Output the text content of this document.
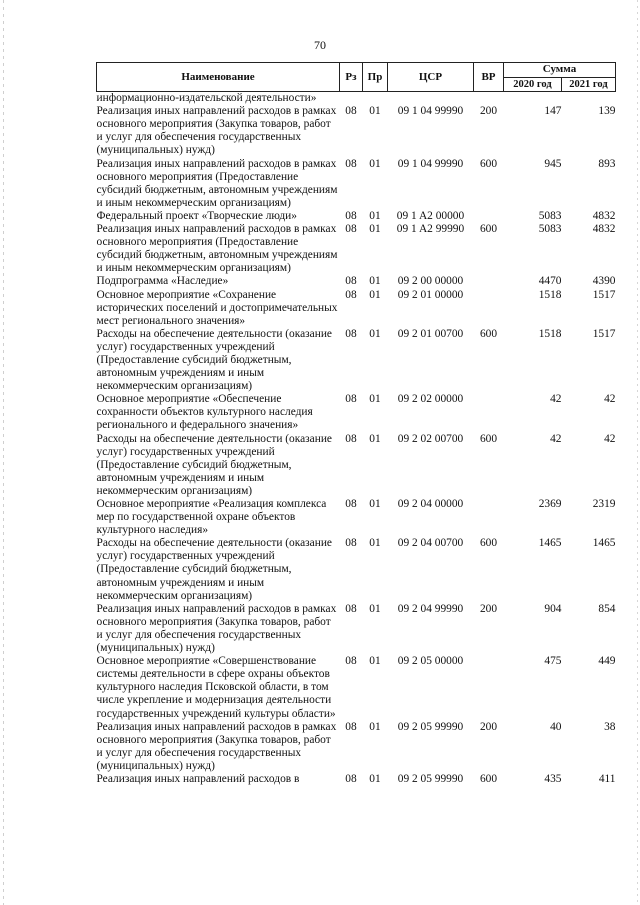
70
Наименование	Рз	Пр	ЦСР	ВР	Сумма	
					2020 год	2021 год
информационно-издательской деятельности»						
Реализация иных направлений расходов в рамках основного мероприятия (Закупка товаров, работ и услуг для обеспечения государственных (муниципальных) нужд)	08	01	09 1 04 99990	200	147	139
Реализация иных направлений расходов в рамках основного мероприятия (Предоставление субсидий бюджетным, автономным учреждениям и иным некоммерческим организациям)	08	01	09 1 04 99990	600	945	893
Федеральный проект «Творческие люди»	08	01	09 1 A2 00000		5083	4832
Реализация иных направлений расходов в рамках основного мероприятия (Предоставление субсидий бюджетным, автономным учреждениям и иным некоммерческим организациям)	08	01	09 1 A2 99990	600	5083	4832
Подпрограмма «Наследие»	08	01	09 2 00 00000		4470	4390
Основное мероприятие «Сохранение исторических поселений и достопримечательных мест регионального значения»	08	01	09 2 01 00000		1518	1517
Расходы на обеспечение деятельности (оказание услуг) государственных учреждений (Предоставление субсидий бюджетным, автономным учреждениям и иным некоммерческим организациям)	08	01	09 2 01 00700	600	1518	1517
Основное мероприятие «Обеспечение сохранности объектов культурного наследия регионального и федерального значения»	08	01	09 2 02 00000		42	42
Расходы на обеспечение деятельности (оказание услуг) государственных учреждений (Предоставление субсидий бюджетным, автономным учреждениям и иным некоммерческим организациям)	08	01	09 2 02 00700	600	42	42
Основное мероприятие «Реализация комплекса мер по государственной охране объектов культурного наследия»	08	01	09 2 04 00000		2369	2319
Расходы на обеспечение деятельности (оказание услуг) государственных учреждений (Предоставление субсидий бюджетным, автономным учреждениям и иным некоммерческим организациям)	08	01	09 2 04 00700	600	1465	1465
Реализация иных направлений расходов в рамках основного мероприятия (Закупка товаров, работ и услуг для обеспечения государственных (муниципальных) нужд)	08	01	09 2 04 99990	200	904	854
Основное мероприятие «Совершенствование системы деятельности в сфере охраны объектов культурного наследия Псковской области, в том числе укрепление и модернизация деятельности государственных учреждений культуры области»	08	01	09 2 05 00000		475	449
Реализация иных направлений расходов в рамках основного мероприятия (Закупка товаров, работ и услуг для обеспечения государственных (муниципальных) нужд)	08	01	09 2 05 99990	200	40	38
Реализация иных направлений расходов в	08	01	09 2 05 99990	600	435	411
